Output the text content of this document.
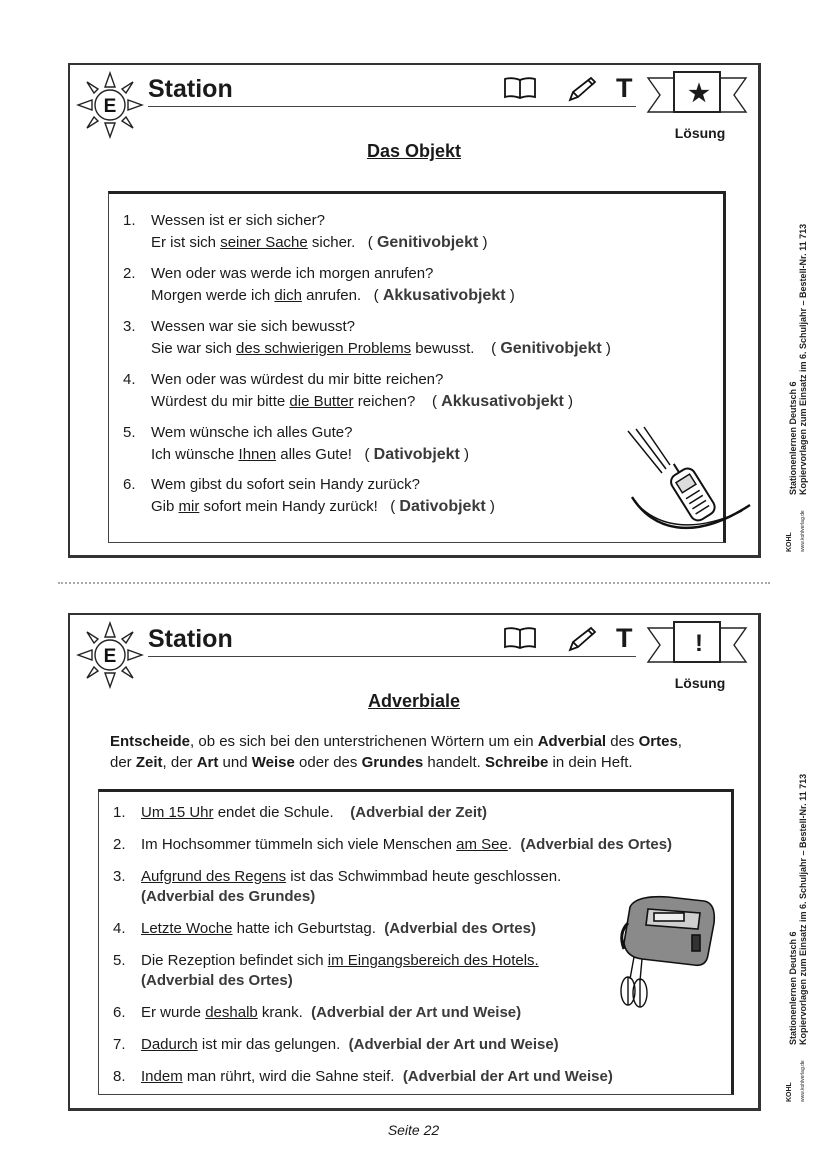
E
Station	T	★
Lösung
Das Objekt
1. Wessen ist er sich sicher?
Er ist sich seiner Sache sicher.   ( Genitivobjekt )
2. Wen oder was werde ich morgen anrufen?
Morgen werde ich dich anrufen.   ( Akkusativobjekt )
3. Wessen war sie sich bewusst?
Sie war sich des schwierigen Problems bewusst.    ( Genitivobjekt )
4. Wen oder was würdest du mir bitte reichen?
Würdest du mir bitte die Butter reichen?    ( Akkusativobjekt )
5. Wem wünsche ich alles Gute?
Ich wünsche Ihnen alles Gute!   ( Dativobjekt )
6. Wem gibst du sofort sein Handy zurück?
Gib mir sofort mein Handy zurück!   ( Dativobjekt )
Stationenlernen Deutsch 6 Kopiervorlagen zum Einsatz im 6. Schuljahr – Bestell-Nr. 11 713
KOHL www.kohlverlag.de
E
Station	T	!
Lösung
Adverbiale
Entscheide, ob es sich bei den unterstrichenen Wörtern um ein Adverbial des Ortes,
der Zeit, der Art und Weise oder des Grundes handelt. Schreibe in dein Heft.
1. Um 15 Uhr endet die Schule. (Adverbial der Zeit)
2. Im Hochsommer tümmeln sich viele Menschen am See. (Adverbial des Ortes)
3. Aufgrund des Regens ist das Schwimmbad heute geschlossen.
(Adverbial des Grundes)
4. Letzte Woche hatte ich Geburtstag. (Adverbial des Ortes)
5. Die Rezeption befindet sich im Eingangsbereich des Hotels.
(Adverbial des Ortes)
6. Er wurde deshalb krank. (Adverbial der Art und Weise)
7. Dadurch ist mir das gelungen. (Adverbial der Art und Weise)
8. Indem man rührt, wird die Sahne steif. (Adverbial der Art und Weise)
Stationenlernen Deutsch 6 Kopiervorlagen zum Einsatz im 6. Schuljahr – Bestell-Nr. 11 713
KOHL www.kohlverlag.de
Seite 22
